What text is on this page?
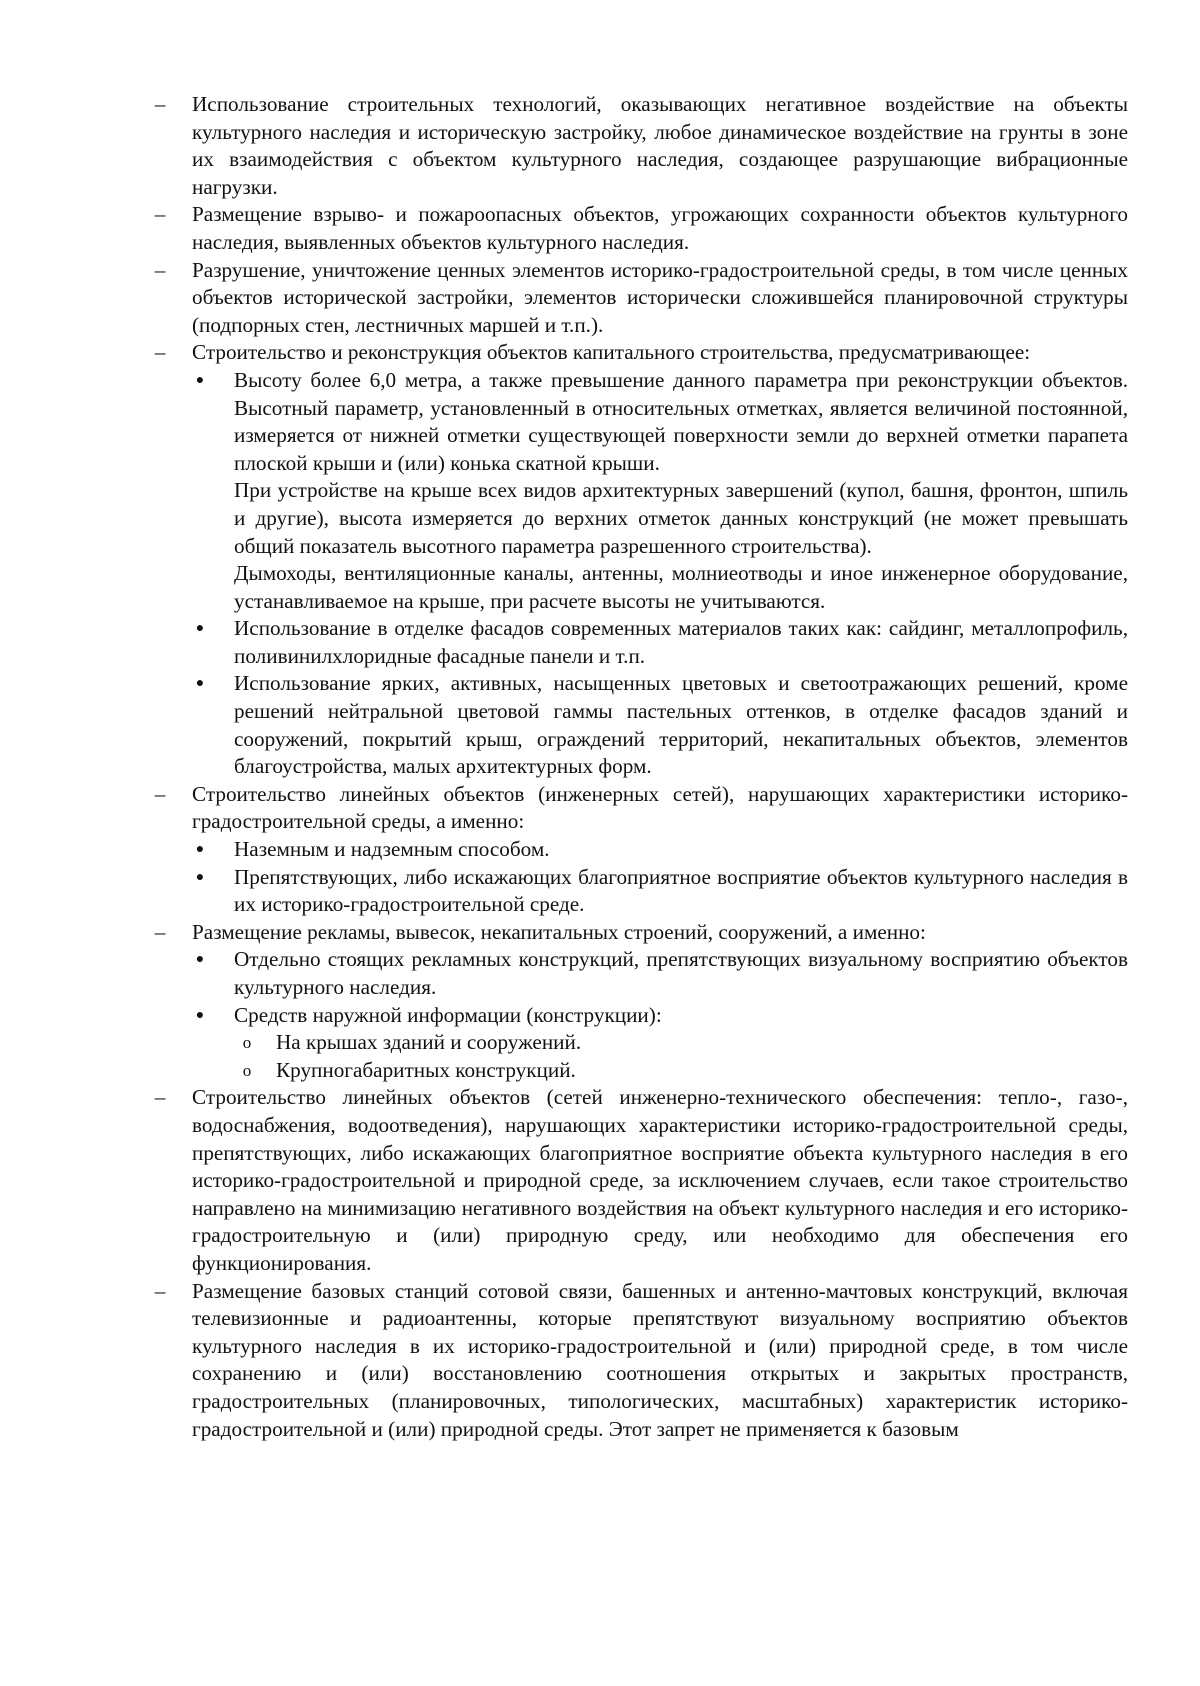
– Использование строительных технологий, оказывающих негативное воздействие на объекты культурного наследия и историческую застройку, любое динамическое воздействие на грунты в зоне их взаимодействия с объектом культурного наследия, создающее разрушающие вибрационные нагрузки.

– Размещение взрыво- и пожароопасных объектов, угрожающих сохранности объектов культурного наследия, выявленных объектов культурного наследия.

– Разрушение, уничтожение ценных элементов историко-градостроительной среды, в том числе ценных объектов исторической застройки, элементов исторически сложившейся планировочной структуры (подпорных стен, лестничных маршей и т.п.).

– Строительство и реконструкция объектов капитального строительства, предусматривающее:

● Высоту более 6,0 метра, а также превышение данного параметра при реконструкции объектов. Высотный параметр, установленный в относительных отметках, является величиной постоянной, измеряется от нижней отметки существующей поверхности земли до верхней отметки парапета плоской крыши и (или) конька скатной крыши.

При устройстве на крыше всех видов архитектурных завершений (купол, башня, фронтон, шпиль и другие), высота измеряется до верхних отметок данных конструкций (не может превышать общий показатель высотного параметра разрешенного строительства).

Дымоходы, вентиляционные каналы, антенны, молниеотводы и иное инженерное оборудование, устанавливаемое на крыше, при расчете высоты не учитываются.

● Использование в отделке фасадов современных материалов таких как: сайдинг, металлопрофиль, поливинилхлоридные фасадные панели и т.п.

● Использование ярких, активных, насыщенных цветовых и светоотражающих решений, кроме решений нейтральной цветовой гаммы пастельных оттенков, в отделке фасадов зданий и сооружений, покрытий крыш, ограждений территорий, некапитальных объектов, элементов благоустройства, малых архитектурных форм.

– Строительство линейных объектов (инженерных сетей), нарушающих характеристики историко-градостроительной среды, а именно:

● Наземным и надземным способом.

● Препятствующих, либо искажающих благоприятное восприятие объектов культурного наследия в их историко-градостроительной среде.

– Размещение рекламы, вывесок, некапитальных строений, сооружений, а именно:

● Отдельно стоящих рекламных конструкций, препятствующих визуальному восприятию объектов культурного наследия.

● Средств наружной информации (конструкции):

o На крышах зданий и сооружений.

o Крупногабаритных конструкций.

– Строительство линейных объектов (сетей инженерно-технического обеспечения: тепло-, газо-, водоснабжения, водоотведения), нарушающих характеристики историко-градостроительной среды, препятствующих, либо искажающих благоприятное восприятие объекта культурного наследия в его историко-градостроительной и природной среде, за исключением случаев, если такое строительство направлено на минимизацию негативного воздействия на объект культурного наследия и его историко-градостроительную и (или) природную среду, или необходимо для обеспечения его функционирования.

– Размещение базовых станций сотовой связи, башенных и антенно-мачтовых конструкций, включая телевизионные и радиоантенны, которые препятствуют визуальному восприятию объектов культурного наследия в их историко-градостроительной и (или) природной среде, в том числе сохранению и (или) восстановлению соотношения открытых и закрытых пространств, градостроительных (планировочных, типологических, масштабных) характеристик историко-градостроительной и (или) природной среды. Этот запрет не применяется к базовым
